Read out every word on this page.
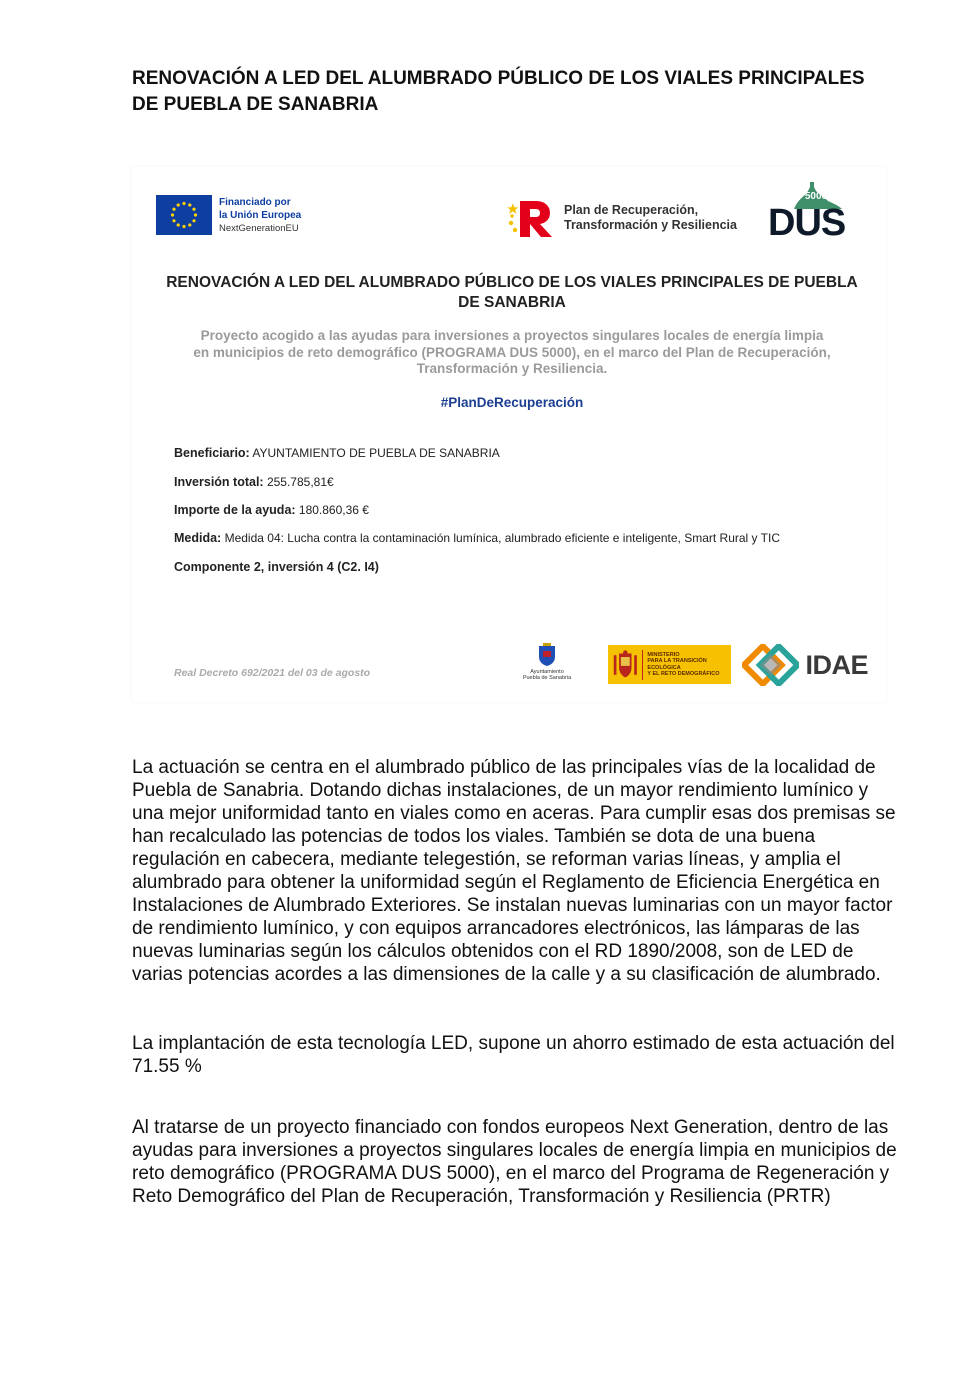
RENOVACIÓN A LED DEL ALUMBRADO PÚBLICO DE LOS VIALES PRINCIPALES DE PUEBLA DE SANABRIA
Financiado por
la Unión Europea
NextGenerationEU
Plan de Recuperación,
Transformación y Resiliencia
5000
DUS
RENOVACIÓN A LED DEL ALUMBRADO PÚBLICO DE LOS VIALES PRINCIPALES DE PUEBLA DE SANABRIA
Proyecto acogido a las ayudas para inversiones a proyectos singulares locales de energía limpia en municipios de reto demográfico (PROGRAMA DUS 5000), en el marco del Plan de Recuperación, Transformación y Resiliencia.
#PlanDeRecuperación
Beneficiario: AYUNTAMIENTO DE PUEBLA DE SANABRIA
Inversión total: 255.785,81€
Importe de la ayuda: 180.860,36 €
Medida: Medida 04: Lucha contra la contaminación lumínica, alumbrado eficiente e inteligente, Smart Rural y TIC
Componente 2, inversión 4 (C2. I4)
Real Decreto 692/2021 del 03 de agosto	Ayuntamiento
Puebla de Sanabria
MINISTERIO
PARA LA TRANSICIÓN ECOLÓGICA
Y EL RETO DEMOGRÁFICO	IDAE
La actuación se centra en el alumbrado público de las principales vías de la localidad de Puebla de Sanabria. Dotando dichas instalaciones, de un mayor rendimiento lumínico y una mejor uniformidad tanto en viales como en aceras. Para cumplir esas dos premisas se han recalculado las potencias de todos los viales. También se dota de una buena regulación en cabecera, mediante telegestión, se reforman varias líneas, y amplia el alumbrado para obtener la uniformidad según el Reglamento de Eficiencia Energética en Instalaciones de Alumbrado Exteriores. Se instalan nuevas luminarias con un mayor factor de rendimiento lumínico, y con equipos arrancadores electrónicos, las lámparas de las nuevas luminarias según los cálculos obtenidos con el RD 1890/2008, son de LED de varias potencias acordes a las dimensiones de la calle y a su clasificación de alumbrado.
La implantación de esta tecnología LED, supone un ahorro estimado de esta actuación del 71.55 %
Al tratarse de un proyecto financiado con fondos europeos Next Generation, dentro de las ayudas para inversiones a proyectos singulares locales de energía limpia en municipios de reto demográfico (PROGRAMA DUS 5000), en el marco del Programa de Regeneración y Reto Demográfico del Plan de Recuperación, Transformación y Resiliencia (PRTR)
